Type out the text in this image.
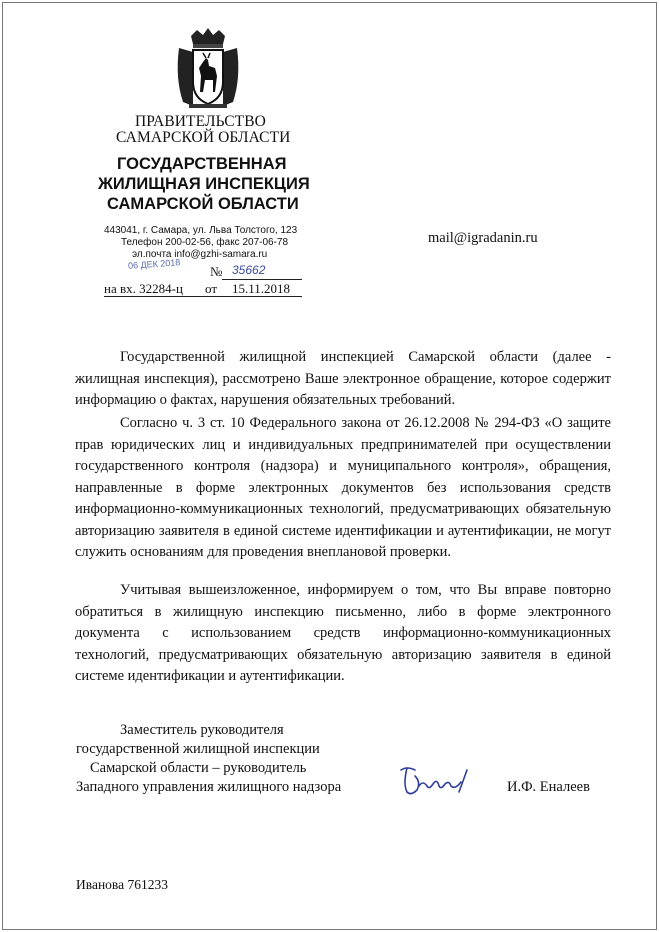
ПРАВИТЕЛЬСТВО
САМАРСКОЙ ОБЛАСТИ
ГОСУДАРСТВЕННАЯ
ЖИЛИЩНАЯ ИНСПЕКЦИЯ
САМАРСКОЙ ОБЛАСТИ
443041, г. Самара, ул. Льва Толстого, 123
Телефон 200-02-56, факс 207-06-78
эл.почта info@gzhi-samara.ru
06 ДЕК 2018 № 35662
на вх. 32284-ц от 15.11.2018
mail@igradanin.ru

Государственной жилищной инспекцией Самарской области (далее - жилищная инспекция), рассмотрено Ваше электронное обращение, которое содержит информацию о фактах, нарушения обязательных требований.

Согласно ч. 3 ст. 10 Федерального закона от 26.12.2008 № 294-ФЗ «О защите прав юридических лиц и индивидуальных предпринимателей при осуществлении государственного контроля (надзора) и муниципального контроля», обращения, направленные в форме электронных документов без использования средств информационно-коммуникационных технологий, предусматривающих обязательную авторизацию заявителя в единой системе идентификации и аутентификации, не могут служить основаниям для проведения внеплановой проверки.

Учитывая вышеизложенное, информируем о том, что Вы вправе повторно обратиться в жилищную инспекцию письменно, либо в форме электронного документа с использованием средств информационно-коммуникационных технологий, предусматривающих обязательную авторизацию заявителя в единой системе идентификации и аутентификации.

Заместитель руководителя
государственной жилищной инспекции
Самарской области – руководитель
Западного управления жилищного надзора	И.Ф. Еналеев
Иванова 761233
